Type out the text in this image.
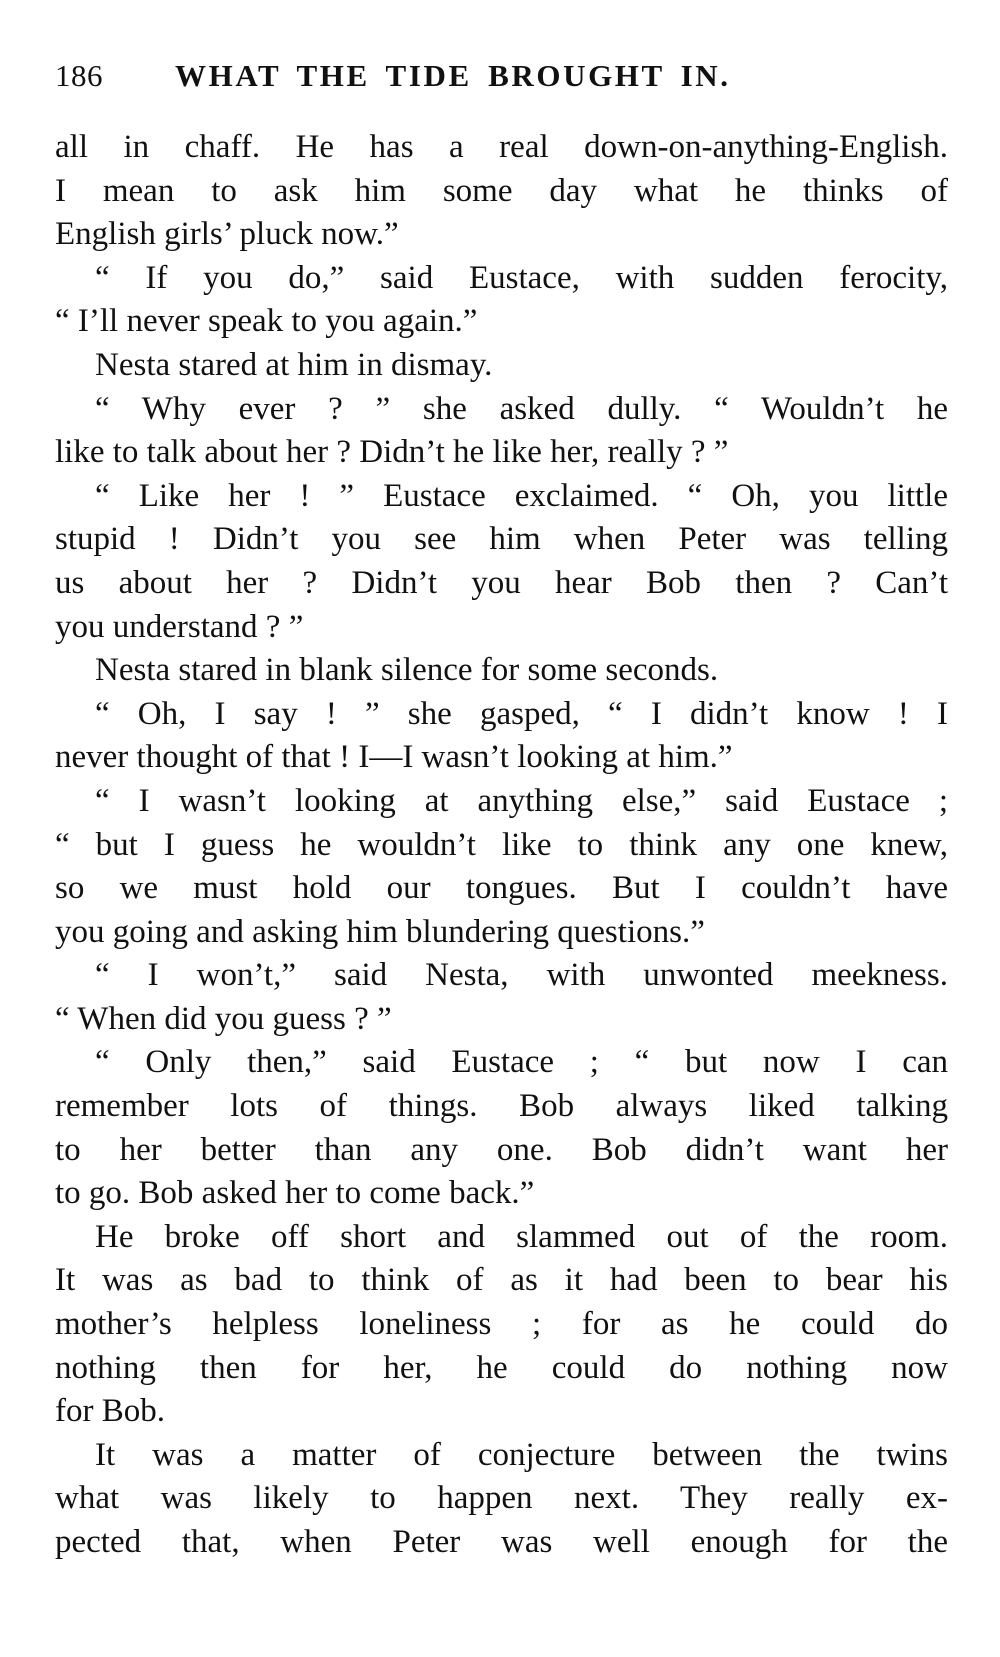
186	WHAT THE TIDE BROUGHT IN.
all in chaff. He has a real down-on-anything-English.
I mean to ask him some day what he thinks of
English girls’ pluck now.”
“ If you do,” said Eustace, with sudden ferocity,
“ I’ll never speak to you again.”
Nesta stared at him in dismay.
“ Why ever ? ” she asked dully. “ Wouldn’t he
like to talk about her ? Didn’t he like her, really ? ”
“ Like her ! ” Eustace exclaimed. “ Oh, you little
stupid ! Didn’t you see him when Peter was telling
us about her ? Didn’t you hear Bob then ? Can’t
you understand ? ”
Nesta stared in blank silence for some seconds.
“ Oh, I say ! ” she gasped, “ I didn’t know ! I
never thought of that ! I—I wasn’t looking at him.”
“ I wasn’t looking at anything else,” said Eustace ;
“ but I guess he wouldn’t like to think any one knew,
so we must hold our tongues. But I couldn’t have
you going and asking him blundering questions.”
“ I won’t,” said Nesta, with unwonted meekness.
“ When did you guess ? ”
“ Only then,” said Eustace ; “ but now I can
remember lots of things. Bob always liked talking
to her better than any one. Bob didn’t want her
to go. Bob asked her to come back.”
He broke off short and slammed out of the room.
It was as bad to think of as it had been to bear his
mother’s helpless loneliness ; for as he could do
nothing then for her, he could do nothing now
for Bob.
It was a matter of conjecture between the twins
what was likely to happen next. They really ex-
pected that, when Peter was well enough for the
